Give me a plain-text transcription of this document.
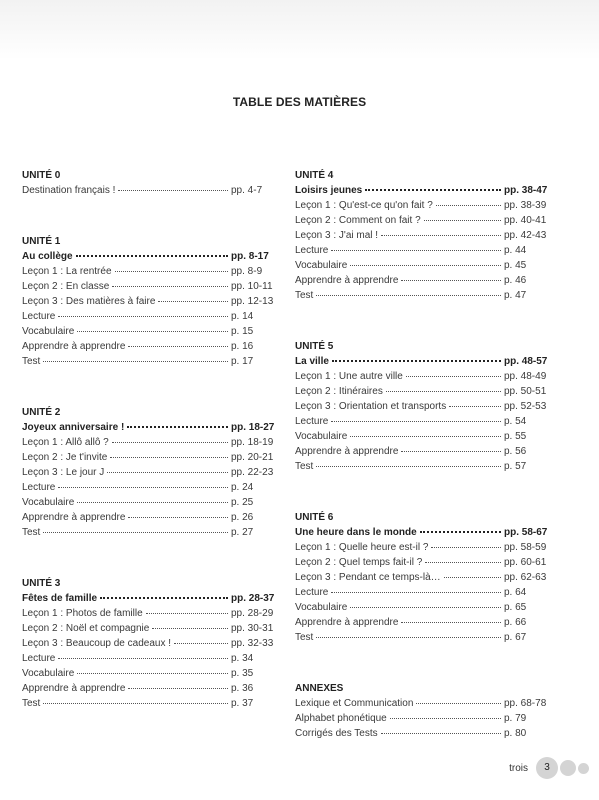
TABLE DES MATIÈRES
UNITÉ 0
Destination français !	pp. 4-7
UNITÉ 1
Au collège	pp. 8-17
Leçon 1 : La rentrée	pp. 8-9
Leçon 2 : En classe	pp. 10-11
Leçon 3 : Des matières à faire	pp. 12-13
Lecture	p. 14
Vocabulaire	p. 15
Apprendre à apprendre	p. 16
Test	p. 17
UNITÉ 2
Joyeux anniversaire !	pp. 18-27
Leçon 1 : Allô allô ?	pp. 18-19
Leçon 2 : Je t'invite	pp. 20-21
Leçon 3 : Le jour J	pp. 22-23
Lecture	p. 24
Vocabulaire	p. 25
Apprendre à apprendre	p. 26
Test	p. 27
UNITÉ 3
Fêtes de famille	pp. 28-37
Leçon 1 : Photos de famille	pp. 28-29
Leçon 2 : Noël et compagnie	pp. 30-31
Leçon 3 : Beaucoup de cadeaux !	pp. 32-33
Lecture	p. 34
Vocabulaire	p. 35
Apprendre à apprendre	p. 36
Test	p. 37
UNITÉ 4
Loisirs jeunes	pp. 38-47
Leçon 1 : Qu'est-ce qu'on fait ?	pp. 38-39
Leçon 2 : Comment on fait ?	pp. 40-41
Leçon 3 : J'ai mal !	pp. 42-43
Lecture	p. 44
Vocabulaire	p. 45
Apprendre à apprendre	p. 46
Test	p. 47
UNITÉ 5
La ville	pp. 48-57
Leçon 1 : Une autre ville	pp. 48-49
Leçon 2 : Itinéraires	pp. 50-51
Leçon 3 : Orientation et transports	pp. 52-53
Lecture	p. 54
Vocabulaire	p. 55
Apprendre à apprendre	p. 56
Test	p. 57
UNITÉ 6
Une heure dans le monde	pp. 58-67
Leçon 1 : Quelle heure est-il ?	pp. 58-59
Leçon 2 : Quel temps fait-il ?	pp. 60-61
Leçon 3 : Pendant ce temps-là…	pp. 62-63
Lecture	p. 64
Vocabulaire	p. 65
Apprendre à apprendre	p. 66
Test	p. 67
ANNEXES
Lexique et Communication	pp. 68-78
Alphabet phonétique	p. 79
Corrigés des Tests	p. 80
trois	3
